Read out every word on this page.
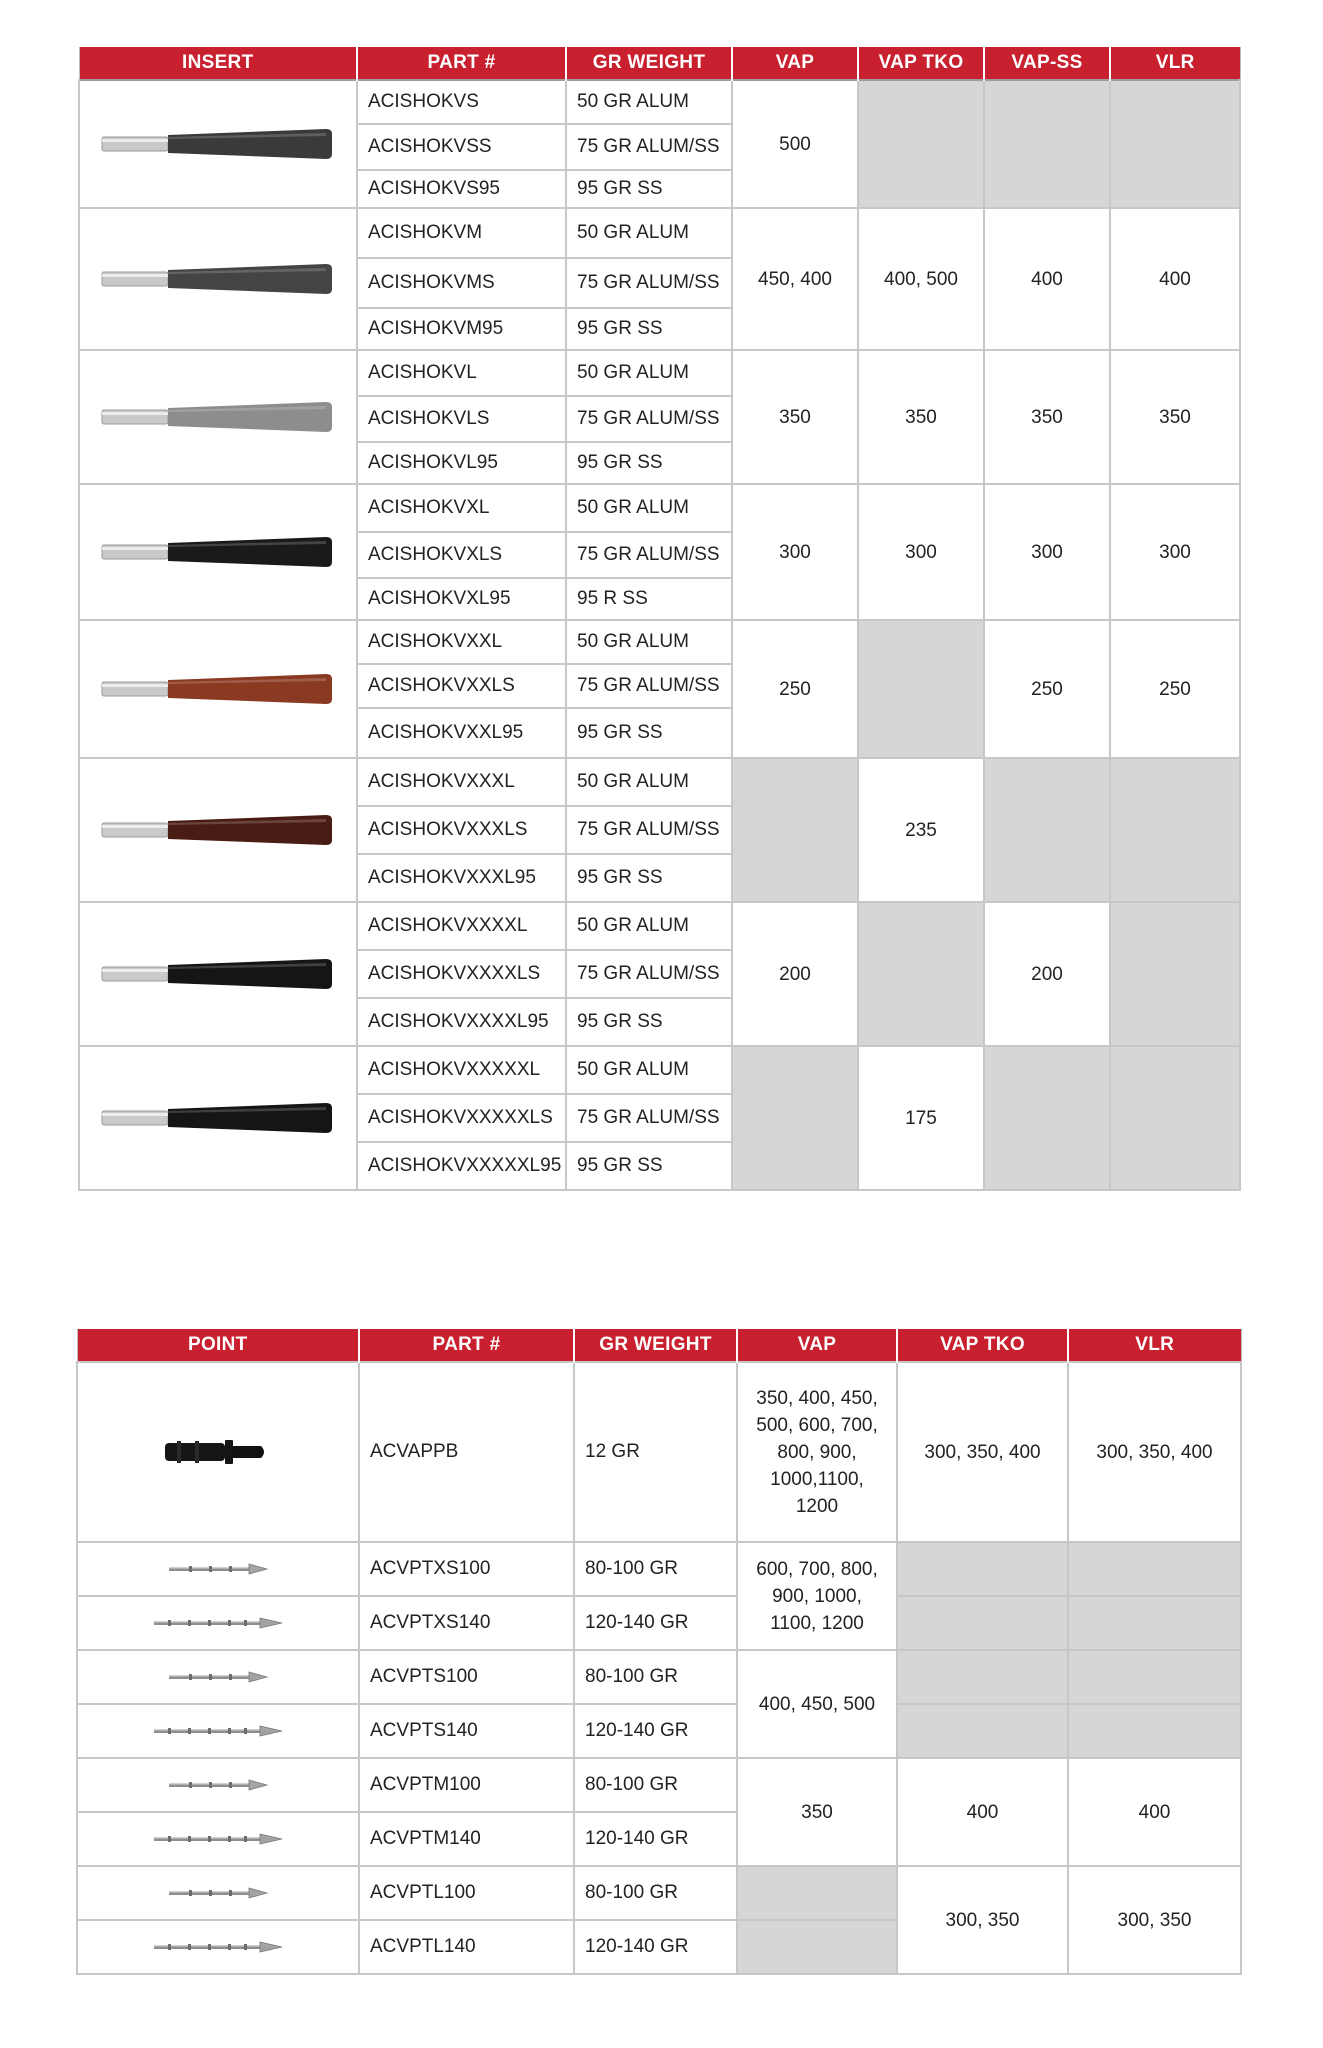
INSERT	PART #	GR WEIGHT	VAP	VAP TKO	VAP-SS	VLR

	ACISHOKVS	50 GR ALUM	500			
	ACISHOKVSS	75 GR ALUM/SS				
	ACISHOKVS95	95 GR SS				

	ACISHOKVM	50 GR ALUM	450, 400	400, 500	400	400
	ACISHOKVMS	75 GR ALUM/SS				
	ACISHOKVM95	95 GR SS				

	ACISHOKVL	50 GR ALUM	350	350	350	350
	ACISHOKVLS	75 GR ALUM/SS				
	ACISHOKVL95	95 GR SS				

	ACISHOKVXL	50 GR ALUM	300	300	300	300
	ACISHOKVXLS	75 GR ALUM/SS				
	ACISHOKVXL95	95 R SS				

	ACISHOKVXXL	50 GR ALUM	250		250	250
	ACISHOKVXXLS	75 GR ALUM/SS				
	ACISHOKVXXL95	95 GR SS				

	ACISHOKVXXXL	50 GR ALUM		235		
	ACISHOKVXXXLS	75 GR ALUM/SS				
	ACISHOKVXXXL95	95 GR SS				

	ACISHOKVXXXXL	50 GR ALUM	200		200	
	ACISHOKVXXXXLS	75 GR ALUM/SS				
	ACISHOKVXXXXL95	95 GR SS				

	ACISHOKVXXXXXL	50 GR ALUM		175		
	ACISHOKVXXXXXLS	75 GR ALUM/SS				
	ACISHOKVXXXXXL95	95 GR SS				
POINT	PART #	GR WEIGHT	VAP	VAP TKO	VLR

	ACVAPPB	12 GR	350, 400, 450, 500, 600, 700, 800, 900, 1000,1100, 1200	300, 350, 400	300, 350, 400

	ACVPTXS100	80-100 GR	600, 700, 800, 900, 1000, 1100, 1200		

	ACVPTXS140	120-140 GR			

	ACVPTS100	80-100 GR	400, 450, 500		

	ACVPTS140	120-140 GR			

	ACVPTM100	80-100 GR	350	400	400

	ACVPTM140	120-140 GR			

	ACVPTL100	80-100 GR		300, 350	300, 350

	ACVPTL140	120-140 GR			
